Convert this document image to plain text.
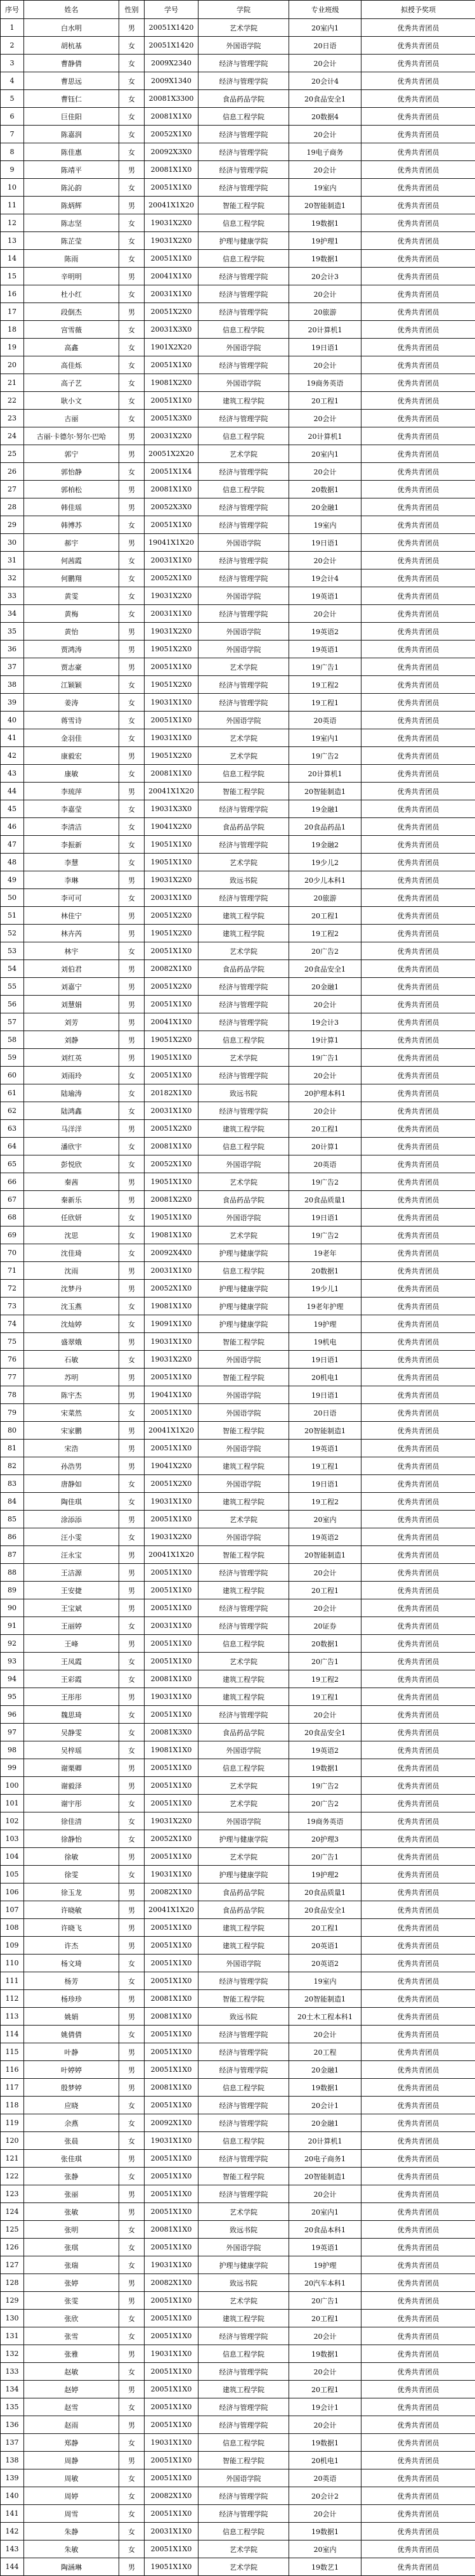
序号	姓名	性别	学号	学院	专业班级	拟授予奖项
1	白水明	男	20051X1420	艺术学院	20室内1	优秀共青团员
2	胡杭基	女	20051X1420	外国语学院	20日语	优秀共青团员
3	曹静倩	女	2009X2340	经济与管理学院	20会计	优秀共青团员
4	曹思远	女	2009X1340	经济与管理学院	20会计4	优秀共青团员
5	曹钰仁	女	20081X3300	食品药品学院	20食品安全1	优秀共青团员
6	巨佳阳	女	20081X1X0	信息工程学院	20数据4	优秀共青团员
7	陈嘉润	女	20052X1X0	经济与管理学院	20会计	优秀共青团员
8	陈佳惠	女	20092X3X0	经济与管理学院	19电子商务	优秀共青团员
9	陈靖平	男	20081X1X0	经济与管理学院	20会计	优秀共青团员
10	陈沁韵	女	20051X1X0	经济与管理学院	19室内	优秀共青团员
11	陈炳辉	男	20041X1X20	智能工程学院	20智能制造1	优秀共青团员
12	陈志坚	女	19031X2X0	信息工程学院	19数据1	优秀共青团员
13	陈芷莹	女	19031X2X0	护理与健康学院	19护理1	优秀共青团员
14	陈雨	女	20051X1X0	信息工程学院	19数据1	优秀共青团员
15	辛明明	男	20041X1X0	经济与管理学院	20会计3	优秀共青团员
16	杜小红	女	20031X1X0	经济与管理学院	20会计	优秀共青团员
17	段倒杰	男	20051X2X0	经济与管理学院	20旅游	优秀共青团员
18	宫雪薇	女	20031X3X0	信息工程学院	20计算机1	优秀共青团员
19	高鑫	女	1901X2X20	外国语学院	19日语1	优秀共青团员
20	高佳烁	女	20051X1X0	经济与管理学院	20会计	优秀共青团员
21	高子艺	女	19081X2X0	外国语学院	19商务英语	优秀共青团员
22	耿小文	女	20051X1X0	建筑工程学院	20工程1	优秀共青团员
23	古丽	女	20051X3X0	经济与管理学院	20会计	优秀共青团员
24	古丽·卡德尔·努尔·巴哈	男	20031X2X0	信息工程学院	20计算机1	优秀共青团员
25	郭宁	男	20051X2X20	艺术学院	20室内1	优秀共青团员
26	郭怡静	女	20051X1X4	经济与管理学院	20会计	优秀共青团员
27	郭柏松	男	20081X1X0	信息工程学院	20数据1	优秀共青团员
28	韩佳瑶	男	20052X3X0	经济与管理学院	20金融1	优秀共青团员
29	韩博苏	女	20051X1X0	经济与管理学院	19室内	优秀共青团员
30	郝宇	男	19041X1X20	外国语学院	19日语1	优秀共青团员
31	何茜霞	女	20031X1X0	经济与管理学院	20会计	优秀共青团员
32	何鹏翔	女	20052X1X0	经济与管理学院	19会计4	优秀共青团员
33	黄雯	女	19031X2X0	外国语学院	19英语1	优秀共青团员
34	黄梅	女	20031X1X0	经济与管理学院	20会计	优秀共青团员
35	黄怡	男	19031X2X0	外国语学院	19英语2	优秀共青团员
36	贾鸿涛	男	19051X2X0	外国语学院	19英语1	优秀共青团员
37	贾志豪	男	20051X1X0	艺术学院	19广告1	优秀共青团员
38	江颖颖	女	19051X2X0	经济与管理学院	19工程2	优秀共青团员
39	姜涛	女	19031X1X0	经济与管理学院	19工程1	优秀共青团员
40	蒋雪诗	女	20051X1X0	外国语学院	20英语	优秀共青团员
41	金羽佳	女	19031X1X0	艺术学院	19室内1	优秀共青团员
42	康毅宏	男	19051X2X0	艺术学院	19广告2	优秀共青团员
43	康敏	女	20081X1X0	信息工程学院	20计算机1	优秀共青团员
44	李琉萍	男	20041X1X20	智能工程学院	20智能制造1	优秀共青团员
45	李嘉莹	女	19031X3X0	经济与管理学院	19金融1	优秀共青团员
46	李清洁	女	19041X2X0	食品药品学院	20食品药品1	优秀共青团员
47	李振新	女	19051X1X0	经济与管理学院	19金融2	优秀共青团员
48	李慧	女	19051X1X0	艺术学院	19少儿2	优秀共青团员
49	李琳	男	19031X2X0	致远书院	20少儿本科1	优秀共青团员
50	李可可	女	20031X1X0	经济与管理学院	20旅游	优秀共青团员
51	林佳宁	男	20051X2X0	建筑工程学院	20工程1	优秀共青团员
52	林卉芮	男	19051X2X0	建筑工程学院	19工程2	优秀共青团员
53	林宇	女	20051X1X0	艺术学院	20广告2	优秀共青团员
54	刘伯君	男	20082X1X0	食品药品学院	20食品安全1	优秀共青团员
55	刘嘉宁	男	20051X2X0	经济与管理学院	20金融1	优秀共青团员
56	刘慧娟	男	20051X1X0	经济与管理学院	20会计	优秀共青团员
57	刘芳	男	20041X1X0	经济与管理学院	19会计3	优秀共青团员
58	刘静	男	19051X2X0	信息工程学院	19计算1	优秀共青团员
59	刘红英	男	19051X1X0	艺术学院	19广告1	优秀共青团员
60	刘雨玲	女	20051X1X0	经济与管理学院	20会计	优秀共青团员
61	陆瑜涛	女	20182X1X0	致远书院	20护理本科1	优秀共青团员
62	陆鸿鑫	女	20031X1X0	经济与管理学院	20会计	优秀共青团员
63	马洋洋	男	20051X2X0	建筑工程学院	20工程1	优秀共青团员
64	潘欣宇	女	20081X1X0	信息工程学院	20计算1	优秀共青团员
65	彭悦欣	女	20052X1X0	外国语学院	20英语	优秀共青团员
66	秦茜	男	19051X1X0	艺术学院	19广告2	优秀共青团员
67	秦新乐	男	20081X2X0	食品药品学院	20食品质量1	优秀共青团员
68	任欣妍	女	19051X1X0	外国语学院	19日语1	优秀共青团员
69	沈思	女	19081X1X0	艺术学院	19广告2	优秀共青团员
70	沈佳琦	女	20092X4X0	护理与健康学院	19老年	优秀共青团员
71	沈雨	男	20031X1X0	信息工程学院	20数据1	优秀共青团员
72	沈梦丹	男	20052X1X0	护理与健康学院	19少儿1	优秀共青团员
73	沈玉燕	女	19081X1X0	护理与健康学院	19老年护理	优秀共青团员
74	沈灿婷	女	19091X1X0	护理与健康学院	19护理	优秀共青团员
75	盛翠娥	男	19031X1X0	智能工程学院	19机电	优秀共青团员
76	石敏	女	19031X2X0	外国语学院	19日语1	优秀共青团员
77	苏明	男	20051X1X0	智能工程学院	20机电1	优秀共青团员
78	陈宇杰	男	19041X1X0	外国语学院	19日语1	优秀共青团员
79	宋菜然	女	20051X1X0	外国语学院	20日语	优秀共青团员
80	宋家鹏	男	20041X1X20	智能工程学院	20智能制造1	优秀共青团员
81	宋浩	男	20051X1X0	外国语学院	19英语1	优秀共青团员
82	孙浩男	男	19041X2X0	建筑工程学院	19工程1	优秀共青团员
83	唐静如	女	20051X2X0	外国语学院	19日语1	优秀共青团员
84	陶佳琪	女	19031X1X0	建筑工程学院	19工程2	优秀共青团员
85	涂添添	男	20051X1X0	艺术学院	20室内	优秀共青团员
86	汪小雯	女	19031X2X0	外国语学院	19英语2	优秀共青团员
87	汪永宝	男	20041X1X20	智能工程学院	20智能制造1	优秀共青团员
88	王洁源	男	20051X1X0	经济与管理学院	20会计	优秀共青团员
89	王安捷	男	20051X1X0	建筑工程学院	20工程1	优秀共青团员
90	王宝斌	男	20051X1X0	经济与管理学院	20会计	优秀共青团员
91	王丽婷	女	20031X1X0	经济与管理学院	20证券	优秀共青团员
92	王峰	男	20051X1X0	信息工程学院	20数据1	优秀共青团员
93	王凤霞	女	20051X1X0	艺术学院	20广告1	优秀共青团员
94	王彩霞	女	20081X1X0	建筑工程学院	19工程2	优秀共青团员
95	王彤彤	男	19031X1X0	建筑工程学院	19工程1	优秀共青团员
96	魏思琦	女	20051X1X0	经济与管理学院	20会计	优秀共青团员
97	吴静雯	女	20081X3X0	食品药品学院	20食品安全1	优秀共青团员
98	吴梓瑶	女	19081X1X0	外国语学院	19英语2	优秀共青团员
99	谢栗卿	男	20051X1X0	信息工程学院	19数据1	优秀共青团员
100	谢毅泽	男	20051X1X0	艺术学院	19广告2	优秀共青团员
101	谢宇彤	女	20051X1X0	艺术学院	20广告2	优秀共青团员
102	徐佳清	女	19031X2X0	外国语学院	19商务英语	优秀共青团员
103	徐静怡	女	20052X1X0	护理与健康学院	20护理3	优秀共青团员
104	徐敏	男	20051X1X0	艺术学院	20广告1	优秀共青团员
105	徐雯	女	19031X1X0	护理与健康学院	19护理2	优秀共青团员
106	徐玉龙	男	20082X1X0	食品药品学院	20食品质量1	优秀共青团员
107	许晓敏	男	20041X1X20	食品药品学院	20食品安全1	优秀共青团员
108	许晓飞	男	20051X1X0	建筑工程学院	20工程1	优秀共青团员
109	许杰	男	20051X1X0	建筑工程学院	20英语1	优秀共青团员
110	杨文琦	女	20051X1X0	外国语学院	20英语2	优秀共青团员
111	杨芳	女	20051X1X0	经济与管理学院	19室内	优秀共青团员
112	杨珍珍	男	20081X1X0	智能工程学院	20智能制造1	优秀共青团员
113	姚娟	男	20081X1X0	致远书院	20土木工程本科1	优秀共青团员
114	姚倩倩	女	20051X1X0	经济与管理学院	20会计	优秀共青团员
115	叶静	男	20051X1X0	经济与管理学院	20工程	优秀共青团员
116	叶婷婷	男	20051X1X0	经济与管理学院	20金融1	优秀共青团员
117	殷梦婷	男	20081X1X0	信息工程学院	19数据1	优秀共青团员
118	应晓	女	20051X1X0	经济与管理学院	20会计1	优秀共青团员
119	余燕	女	20092X1X0	经济与管理学院	20金融1	优秀共青团员
120	张晨	女	19031X1X0	信息工程学院	20计算机1	优秀共青团员
121	张佳琪	男	20051X1X0	经济与管理学院	20电子商务1	优秀共青团员
122	张静	女	20051X1X0	智能工程学院	20智能制造1	优秀共青团员
123	张丽	男	20051X1X0	经济与管理学院	20会计	优秀共青团员
124	张敏	男	20051X1X0	艺术学院	20室内1	优秀共青团员
125	张明	女	20081X1X0	致远书院	20食品本科1	优秀共青团员
126	张琪	女	20051X1X0	外国语学院	19英语1	优秀共青团员
127	张瑞	女	19031X1X0	护理与健康学院	19护理	优秀共青团员
128	张婷	男	20082X1X0	致远书院	20汽车本科1	优秀共青团员
129	张雯	男	20051X1X0	艺术学院	20广告1	优秀共青团员
130	张欣	女	20051X1X0	建筑工程学院	20工程1	优秀共青团员
131	张雪	女	20051X1X0	经济与管理学院	20会计	优秀共青团员
132	张雅	男	19031X1X0	信息工程学院	19数据1	优秀共青团员
133	赵敏	女	20051X1X0	经济与管理学院	20会计	优秀共青团员
134	赵婷	男	20051X1X0	建筑工程学院	20工程1	优秀共青团员
135	赵雪	女	20051X1X0	经济与管理学院	19会计1	优秀共青团员
136	赵雨	男	20051X1X0	经济与管理学院	20会计	优秀共青团员
137	郑静	女	19031X1X0	信息工程学院	19数据1	优秀共青团员
138	周静	男	20051X1X0	智能工程学院	20机电1	优秀共青团员
139	周敏	女	20051X1X0	外国语学院	20英语	优秀共青团员
140	周婷	女	20082X1X0	经济与管理学院	20会计2	优秀共青团员
141	周雪	女	20051X1X0	经济与管理学院	20会计	优秀共青团员
142	朱静	女	20031X1X0	信息工程学院	19数据1	优秀共青团员
143	朱敏	女	20051X1X0	艺术学院	20室内	优秀共青团员
144	陶涵琳	男	19051X1X0	艺术学院	19数艺1	优秀共青团员
